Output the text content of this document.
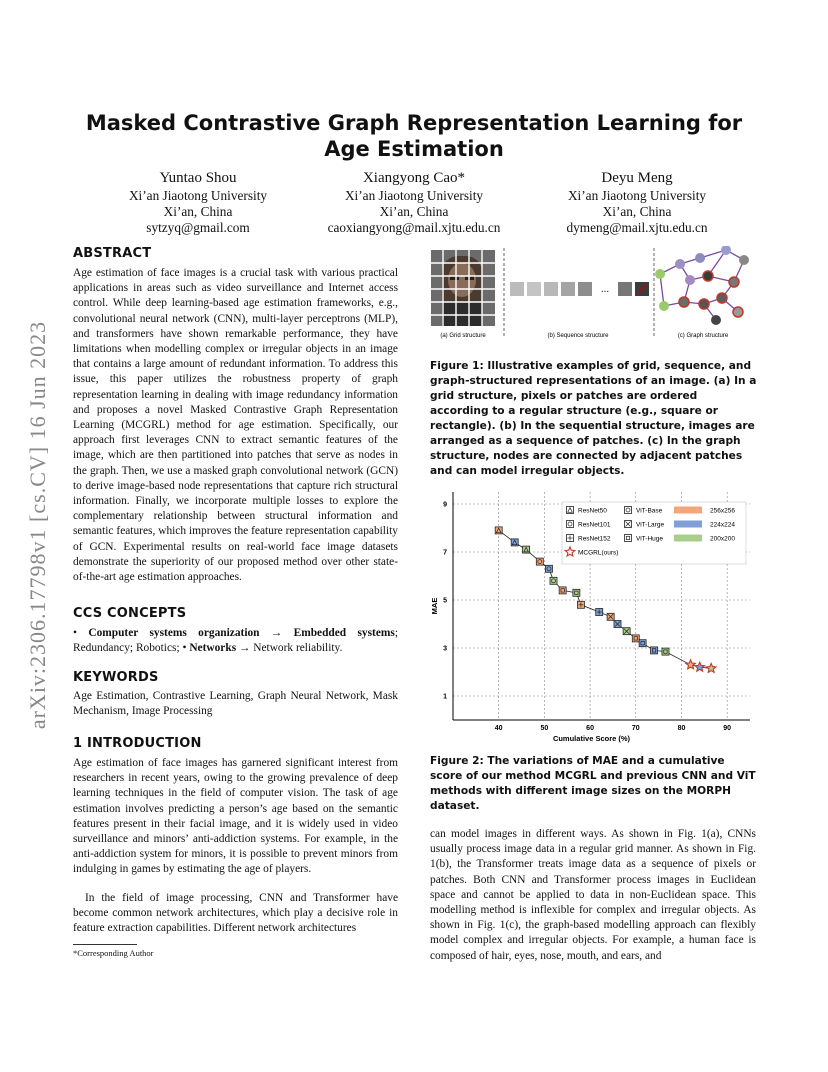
arXiv:2306.17798v1 [cs.CV] 16 Jun 2023
Masked Contrastive Graph Representation Learning for Age Estimation
Yuntao Shou
Xi’an Jiaotong University
Xi’an, China
sytzyq@gmail.com
Xiangyong Cao*
Xi’an Jiaotong University
Xi’an, China
caoxiangyong@mail.xjtu.edu.cn
Deyu Meng
Xi’an Jiaotong University
Xi’an, China
dymeng@mail.xjtu.edu.cn
ABSTRACT
Age estimation of face images is a crucial task with various practical applications in areas such as video surveillance and Internet access control. While deep learning-based age estimation frameworks, e.g., convolutional neural network (CNN), multi-layer perceptrons (MLP), and transformers have shown remarkable performance, they have limitations when modelling complex or irregular objects in an image that contains a large amount of redundant information. To address this issue, this paper utilizes the robustness property of graph representation learning in dealing with image redundancy information and proposes a novel Masked Contrastive Graph Representation Learning (MCGRL) method for age estimation. Specifically, our approach first leverages CNN to extract semantic features of the image, which are then partitioned into patches that serve as nodes in the graph. Then, we use a masked graph convolutional network (GCN) to derive image-based node representations that capture rich structural information. Finally, we incorporate multiple losses to explore the complementary relationship between structural information and semantic features, which improves the feature representation capability of GCN. Experimental results on real-world face image datasets demonstrate the superiority of our proposed method over other state-of-the-art age estimation approaches.
CCS CONCEPTS
• Computer systems organization → Embedded systems; Redundancy; Robotics; • Networks → Network reliability.
KEYWORDS
Age Estimation, Contrastive Learning, Graph Neural Network, Mask Mechanism, Image Processing
1 INTRODUCTION
Age estimation of face images has garnered significant interest from researchers in recent years, owing to the growing prevalence of deep learning techniques in the field of computer vision. The task of age estimation involves predicting a person’s age based on the semantic features present in their facial image, and it is widely used in video surveillance and minors’ anti-addiction systems. For example, in the anti-addiction system for minors, it is possible to prevent minors from indulging in games by estimating the age of players.
In the field of image processing, CNN and Transformer have become common network architectures, which play a decisive role in feature extraction capabilities. Different network architectures
*Corresponding Author
...
(a) Grid structure	(b) Sequence structure	(c) Graph structure
Figure 1: Illustrative examples of grid, sequence, and graph-structured representations of an image. (a) In a grid structure, pixels or patches are ordered according to a regular structure (e.g., square or rectangle). (b) In the sequential structure, images are arranged as a sequence of patches. (c) In the graph structure, nodes are connected by adjacent patches and can model irregular objects.
40	50	60	70	80	90
1
3
5
7
9
Cumulative Score (%)
MAE
ResNet50
ResNet101
ResNet152
MCGRL(ours)
ViT-Base
ViT-Large
ViT-Huge
256x256
224x224
200x200
Figure 2: The variations of MAE and a cumulative score of our method MCGRL and previous CNN and ViT methods with different image sizes on the MORPH dataset.
can model images in different ways. As shown in Fig. 1(a), CNNs usually process image data in a regular grid manner. As shown in Fig. 1(b), the Transformer treats image data as a sequence of pixels or patches. Both CNN and Transformer process images in Euclidean space and cannot be applied to data in non-Euclidean space. This modelling method is inflexible for complex and irregular objects. As shown in Fig. 1(c), the graph-based modelling approach can flexibly model complex and irregular objects. For example, a human face is composed of hair, eyes, nose, mouth, and ears, and
